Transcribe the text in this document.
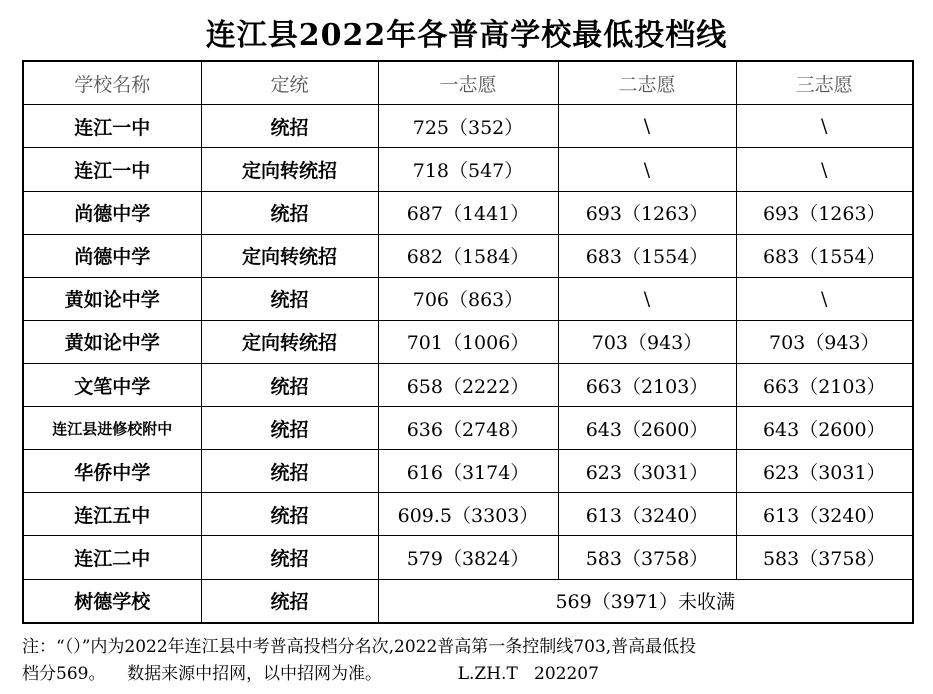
连江县2022年各普高学校最低投档线
学校名称	定统	一志愿	二志愿	三志愿
连江一中	统招	725（352）	\	\
连江一中	定向转统招	718（547）	\	\
尚德中学	统招	687（1441）	693（1263）	693（1263）
尚德中学	定向转统招	682（1584）	683（1554）	683（1554）
黄如论中学	统招	706（863）	\	\
黄如论中学	定向转统招	701（1006）	703（943）	703（943）
文笔中学	统招	658（2222）	663（2103）	663（2103）
连江县进修校附中	统招	636（2748）	643（2600）	643（2600）
华侨中学	统招	616（3174）	623（3031）	623（3031）
连江五中	统招	609.5（3303）	613（3240）	613（3240）
连江二中	统招	579（3824）	583（3758）	583（3758）
树德学校	统招	569（3971）未收满		
注：“（）”内为2022年连江县中考普高投档分名次,2022普高第一条控制线703,普高最低投
档分569。    数据来源中招网，以中招网为准。              L.ZH.T   202207
